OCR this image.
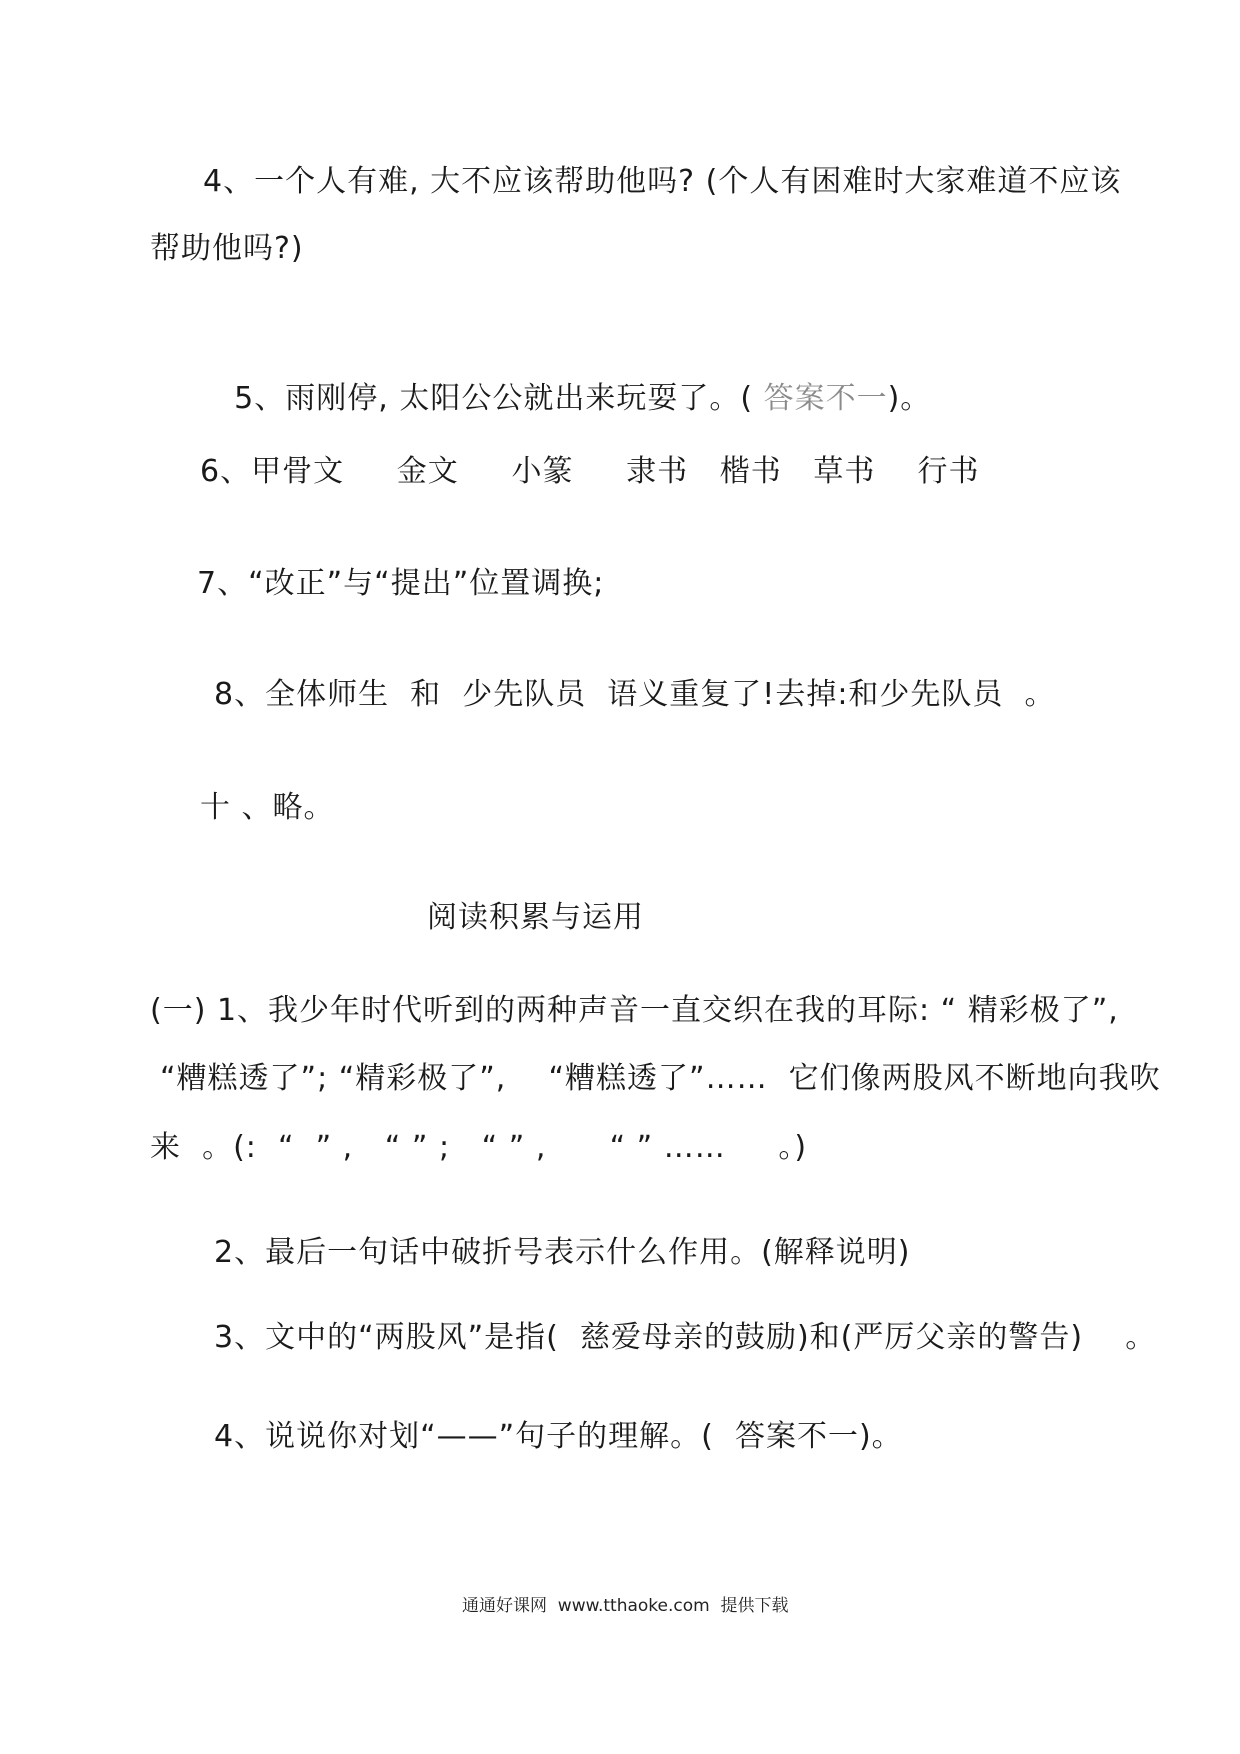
4、一个人有难, 大不应该帮助他吗? (个人有困难时大家难道不应该
帮助他吗?)

5、雨刚停, 太阳公公就出来玩耍了。( 答案不一)。

6、甲骨文     金文     小篆     隶书   楷书   草书    行书
7、“改正”与“提出”位置调换;
8、全体师生  和  少先队员  语义重复了!去掉:和少先队员  。
十 、略。
阅读积累与运用
(一) 1、我少年时代听到的两种声音一直交织在我的耳际: “ 精彩极了”,
“糟糕透了”; “精彩极了”,    “糟糕透了”……  它们像两股风不断地向我吹
来  。(:  “  ” ,   “ ” ;   “ ” ,      “ ” ……     。)
2、最后一句话中破折号表示什么作用。(解释说明)
3、文中的“两股风”是指(  慈爱母亲的鼓励)和(严厉父亲的警告)    。
4、说说你对划“——”句子的理解。(  答案不一)。
通通好课网  www.tthaoke.com  提供下载
